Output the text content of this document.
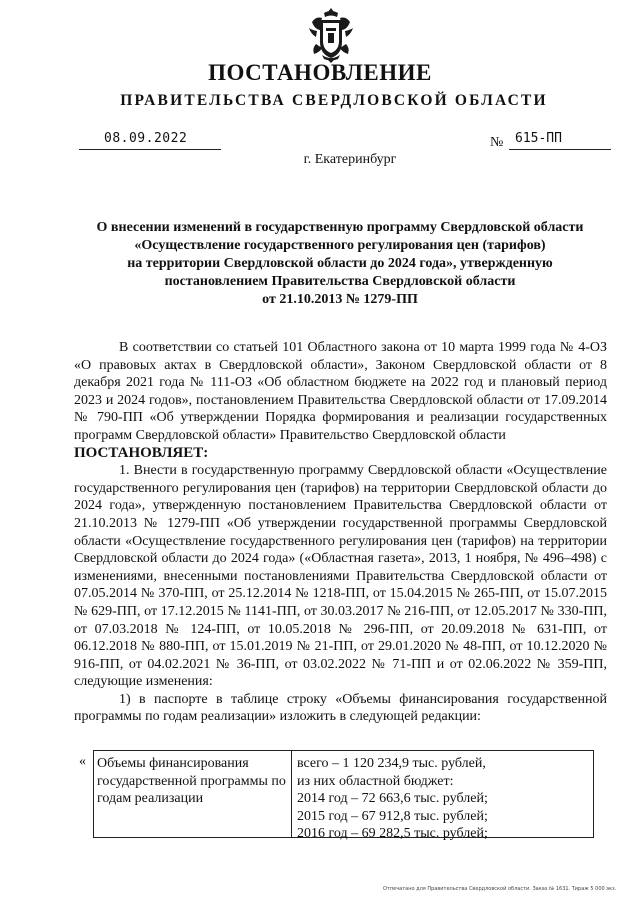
ПОСТАНОВЛЕНИЕ
ПРАВИТЕЛЬСТВА СВЕРДЛОВСКОЙ ОБЛАСТИ
08.09.2022	№ 615-ПП
г. Екатеринбург
О внесении изменений в государственную программу Свердловской области
«Осуществление государственного регулирования цен (тарифов)
на территории Свердловской области до 2024 года», утвержденную
постановлением Правительства Свердловской области
от 21.10.2013 № 1279-ПП

В соответствии со статьей 101 Областного закона от 10 марта 1999 года № 4-ОЗ «О правовых актах в Свердловской области», Законом Свердловской области от 8 декабря 2021 года № 111-ОЗ «Об областном бюджете на 2022 год и плановый период 2023 и 2024 годов», постановлением Правительства Свердловской области от 17.09.2014 № 790-ПП «Об утверждении Порядка формирования и реализации государственных программ Свердловской области» Правительство Свердловской области

ПОСТАНОВЛЯЕТ:

1. Внести в государственную программу Свердловской области «Осуществление государственного регулирования цен (тарифов) на территории Свердловской области до 2024 года», утвержденную постановлением Правительства Свердловской области от 21.10.2013 № 1279-ПП «Об утверждении государственной программы Свердловской области «Осуществление государственного регулирования цен (тарифов) на территории Свердловской области до 2024 года» («Областная газета», 2013, 1 ноября, № 496–498) с изменениями, внесенными постановлениями Правительства Свердловской области от 07.05.2014 № 370-ПП, от 25.12.2014 № 1218-ПП, от 15.04.2015 № 265-ПП, от 15.07.2015 № 629-ПП, от 17.12.2015 № 1141-ПП, от 30.03.2017 № 216-ПП, от 12.05.2017 № 330-ПП, от 07.03.2018 № 124-ПП, от 10.05.2018 № 296-ПП, от 20.09.2018 № 631-ПП, от 06.12.2018 № 880-ПП, от 15.01.2019 № 21-ПП, от 29.01.2020 № 48-ПП, от 10.12.2020 № 916-ПП, от 04.02.2021 № 36-ПП, от 03.02.2022 № 71-ПП и от 02.06.2022 № 359-ПП, следующие изменения:

1) в паспорте в таблице строку «Объемы финансирования государственной программы по годам реализации» изложить в следующей редакции:

« Объемы финансирования государственной программы по годам реализации
всего – 1 120 234,9 тыс. рублей,
из них областной бюджет:
2014 год – 72 663,6 тыс. рублей;
2015 год – 67 912,8 тыс. рублей;
2016 год – 69 282,5 тыс. рублей;
Отпечатано для Правительства Свердловской области. Заказ № 1631. Тираж 5 000 экз.
